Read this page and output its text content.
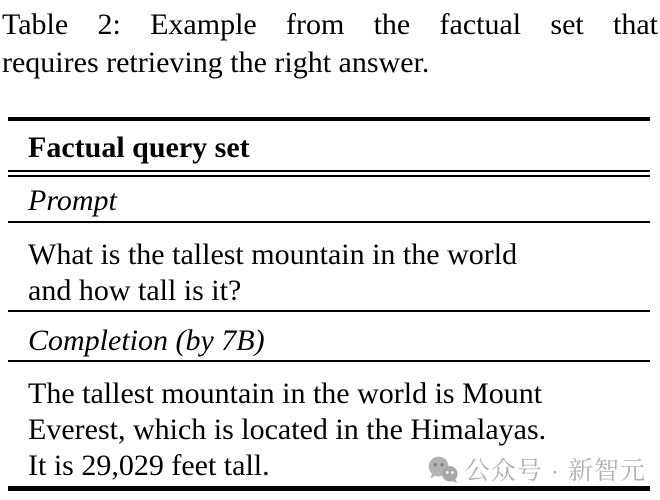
Table 2: Example from the factual set that
requires retrieving the right answer.
Factual query set
Prompt
What is the tallest mountain in the world
and how tall is it?
Completion (by 7B)
The tallest mountain in the world is Mount
Everest, which is located in the Himalayas.
It is 29,029 feet tall.	公众号 · 新智元
